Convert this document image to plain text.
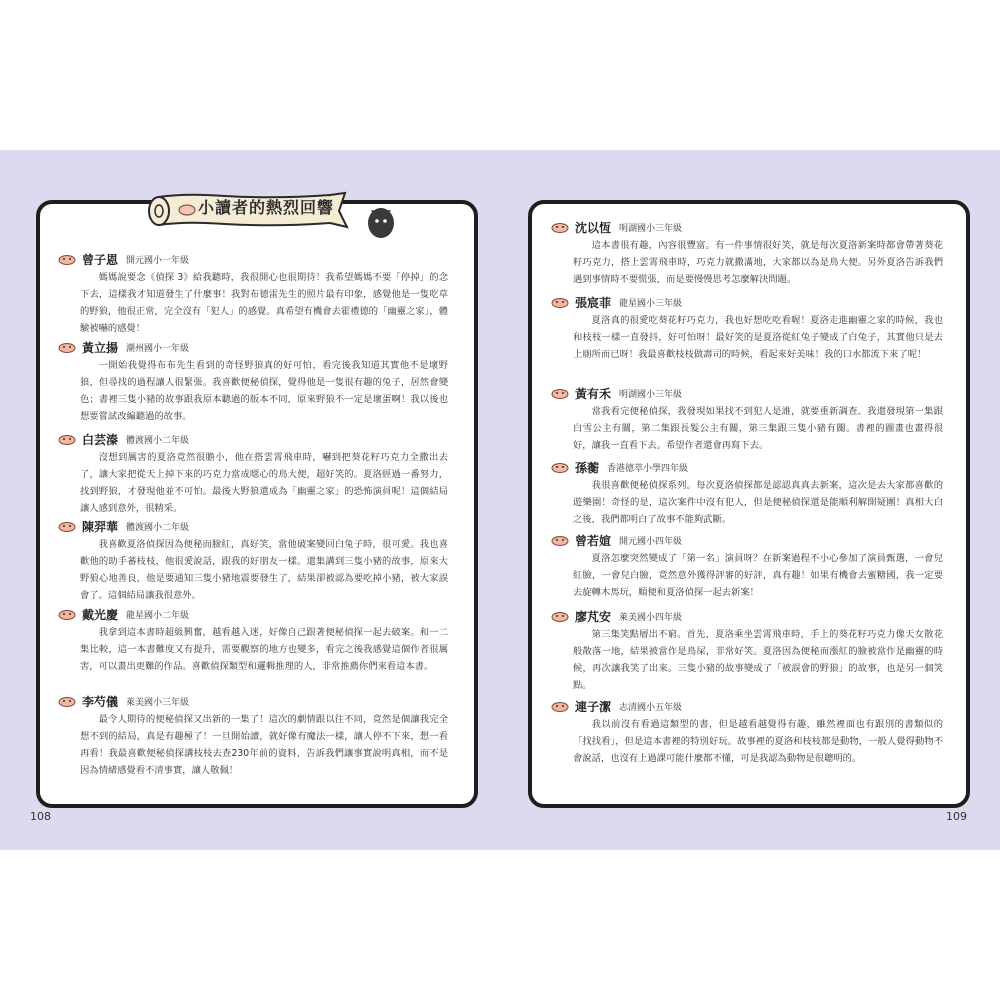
小讀者的熱烈回響
曾子恩 開元國小一年級
媽媽說要念《偵探 3》給我聽時，我很開心也很期待！我希望媽媽不要「停掉」的念下去，這樣我才知道發生了什麼事！我對布德雷先生的照片最有印象，感覺他是一隻吃草的野狼，他很正常，完全沒有「犯人」的感覺。真希望有機會去霍禮德的「幽靈之家」，體驗被嚇的感覺！
黃立揚 潮州國小一年級
一開始我覺得布布先生看到的奇怪野狼真的好可怕，看完後我知道其實他不是壞野狼，但尋找的過程讓人很緊張。我喜歡便秘偵探，覺得他是一隻很有趣的兔子，居然會變色；書裡三隻小豬的故事跟我原本聽過的版本不同，原來野狼不一定是壞蛋啊！我以後也想要嘗試改編聽過的故事。
白芸溱 體渡國小二年級
沒想到厲害的夏洛竟然很膽小，他在搭雲霄飛車時，嚇到把葵花籽巧克力全撒出去了，讓大家把從天上掉下來的巧克力當成噁心的鳥大便，超好笑的。夏洛經過一番努力，找到野狼，才發現他並不可怕。最後大野狼還成為「幽靈之家」的恐怖演員呢！這個結局讓人感到意外，很精采。
陳羿華 體渡國小二年級
我喜歡夏洛偵探因為便秘而臉紅，真好笑，當他破案變回白兔子時，很可愛。我也喜歡他的助手蕃枝枝，他很愛說話，跟我的好朋友一樣。還集講到三隻小豬的故事，原來大野狼心地善良，他是要通知三隻小豬地震要發生了，結果卻被認為要吃掉小豬，被大家誤會了。這個結局讓我很意外。
戴光慶 龍星國小二年級
我拿到這本書時超級興奮，越看越入迷，好像自己跟著便秘偵探一起去破案。和一二集比較，這一本書難度又有提升，需要觀察的地方也變多，看完之後我感覺這個作者很厲害，可以畫出更難的作品。喜歡偵探類型和邏輯推理的人，非常推薦你們來看這本書。
李芍儀 萊美國小三年級
最令人期待的便秘偵探又出新的一集了！這次的劇情跟以往不同，竟然是個讓我完全想不到的結局，真是有趣極了！一旦開始讀，就好像有魔法一樣，讓人停不下來，想一看再看！我最喜歡便秘偵探講枝枝去查230年前的資料，告訴我們讓事實說明真相，而不是因為情緒感覺看不清事實，讓人敬佩！
沈以恆 明湖國小三年級
這本書很有趣，內容很豐富。有一件事情很好笑，就是每次夏洛新案時都會帶著葵花籽巧克力，搭上雲霄飛車時，巧克力就撒滿地，大家都以為是鳥大便。另外夏洛告訴我們遇到事情時不要慌張，而是要慢慢思考怎麼解決問題。
張宸菲 龍星國小三年級
夏洛真的很愛吃葵花籽巧克力，我也好想吃吃看喔！夏洛走進幽靈之家的時候，我也和枝枝一樣一直發抖，好可怕呀！最好笑的是夏洛從紅兔子變成了白兔子，其實他只是去上廁所而已呀！我最喜歡枝枝做壽司的時候，看起來好美味！我的口水都流下來了呢！
黃有禾 明湖國小三年級
當我看完便秘偵探，我發現如果找不到犯人是誰，就要重新調查。我還發現第一集跟白雪公主有關，第二集跟長髮公主有關，第三集跟三隻小豬有關。書裡的圖畫也畫得很好，讓我一直看下去。希望作者還會再寫下去。
孫蘅 香港德萃小學四年級
我很喜歡便秘偵探系列。每次夏洛偵探都是認認真真去新案，這次是去大家都喜歡的遊樂園！奇怪的是，這次案件中沒有犯人，但是便秘偵探還是能順利解開疑團！真相大白之後，我們都明白了故事不能夠武斷。
曾若媗 開元國小四年級
夏洛怎麼突然變成了「第一名」演員呀？在新案過程不小心參加了演員甄選，一會兒紅臉，一會兒白臉，竟然意外獲得評審的好評，真有趣！如果有機會去蜜糖國，我一定要去旋轉木馬玩，順便和夏洛偵探一起去新案！
廖芃安 萊美國小四年級
第三集笑點層出不窮。首先，夏洛乘坐雲霄飛車時，手上的葵花籽巧克力像天女散花般散落一地，結果被當作是鳥屎，非常好笑。夏洛因為便秘而漲紅的臉被當作是幽靈的時候，再次讓我笑了出來。三隻小豬的故事變成了「被誤會的野狼」的故事，也是另一個笑點。
連子潔 志清國小五年級
我以前沒有看過這類型的書，但是越看越覺得有趣，雖然裡面也有跟別的書類似的「找找看」，但是這本書裡的特別好玩。故事裡的夏洛和枝枝都是動物，一般人覺得動物不會說話，也沒有上過課可能什麼都不懂，可是我認為動物是很聰明的。
108	109
